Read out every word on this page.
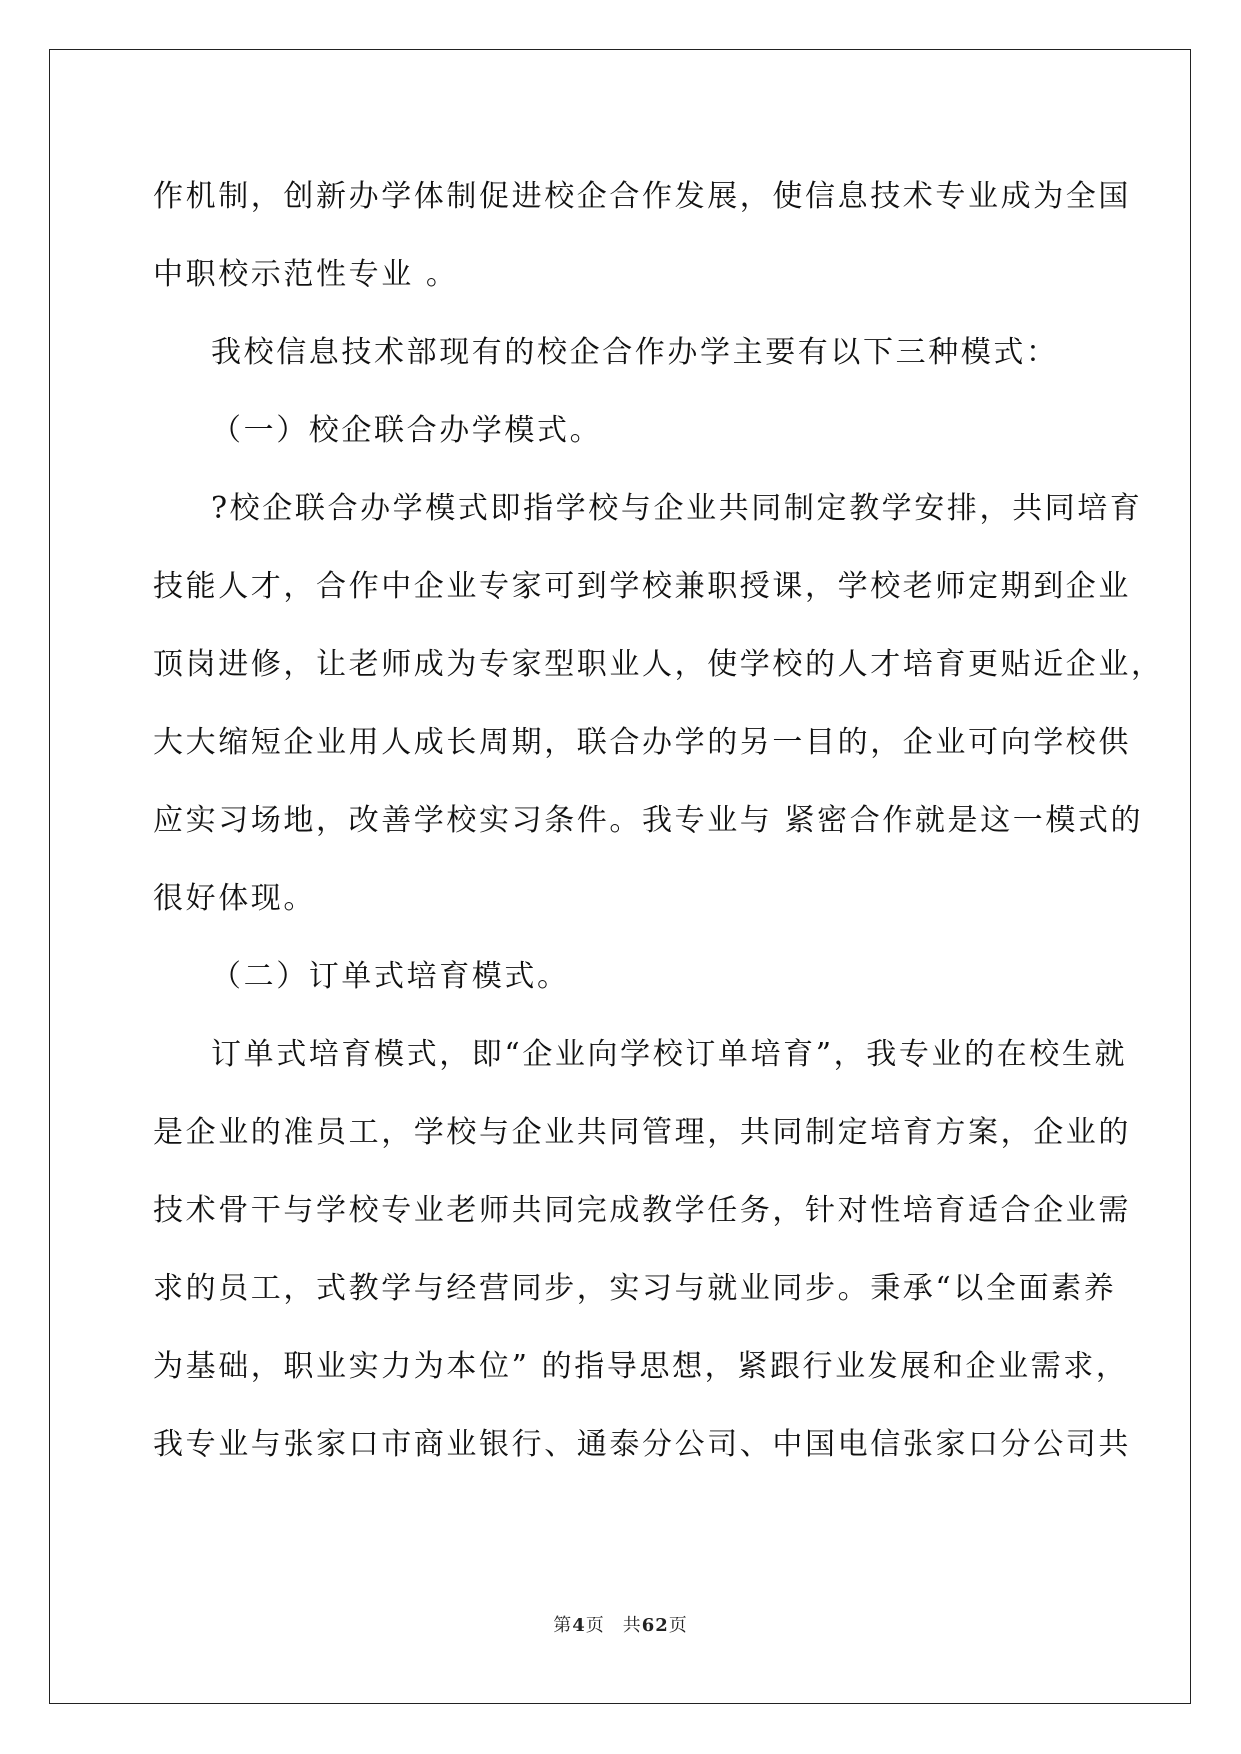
作机制，创新办学体制促进校企合作发展，使信息技术专业成为全国
中职校示范性专业 。
我校信息技术部现有的校企合作办学主要有以下三种模式：
（一）校企联合办学模式。
?校企联合办学模式即指学校与企业共同制定教学安排，共同培育
技能人才，合作中企业专家可到学校兼职授课，学校老师定期到企业
顶岗进修，让老师成为专家型职业人，使学校的人才培育更贴近企业，
大大缩短企业用人成长周期，联合办学的另一目的，企业可向学校供
应实习场地，改善学校实习条件。我专业与 紧密合作就是这一模式的
很好体现。
（二）订单式培育模式。
订单式培育模式，即“企业向学校订单培育”，我专业的在校生就
是企业的准员工，学校与企业共同管理，共同制定培育方案，企业的
技术骨干与学校专业老师共同完成教学任务，针对性培育适合企业需
求的员工，式教学与经营同步，实习与就业同步。秉承“以全面素养
为基础，职业实力为本位” 的指导思想，紧跟行业发展和企业需求，
我专业与张家口市商业银行、通泰分公司、中国电信张家口分公司共
第4页 共62页
